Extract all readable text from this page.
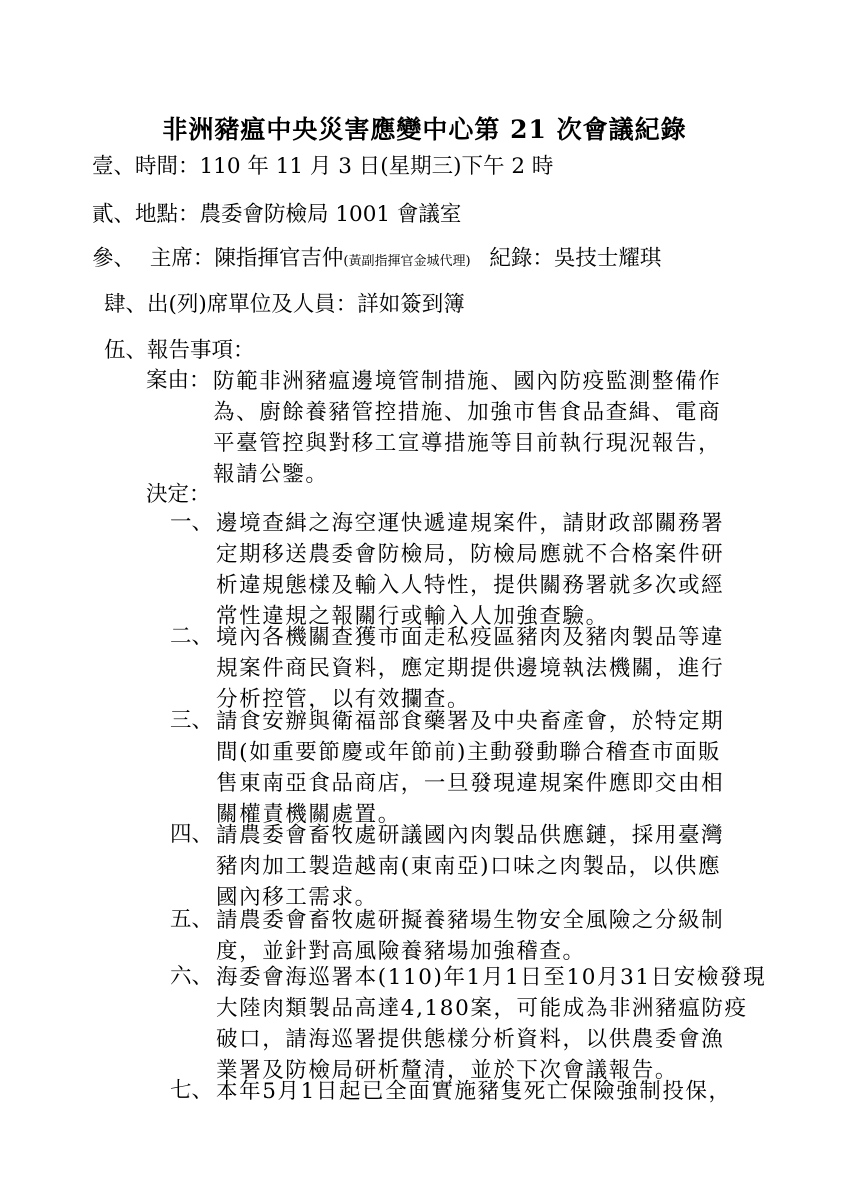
非洲豬瘟中央災害應變中心第 21 次會議紀錄
壹、時間：110 年 11 月 3 日(星期三)下午 2 時
貳、地點：農委會防檢局 1001 會議室
參、 主席：陳指揮官吉仲(黃副指揮官金城代理) 紀錄：吳技士耀琪
肆、出(列)席單位及人員：詳如簽到簿
伍、報告事項：
案由： 防範非洲豬瘟邊境管制措施、國內防疫監測整備作
為、廚餘養豬管控措施、加強市售食品查緝、電商
平臺管控與對移工宣導措施等目前執行現況報告，
報請公鑒。
決定：
一、 邊境查緝之海空運快遞違規案件，請財政部關務署
定期移送農委會防檢局，防檢局應就不合格案件研
析違規態樣及輸入人特性，提供關務署就多次或經
常性違規之報關行或輸入人加強查驗。
二、 境內各機關查獲市面走私疫區豬肉及豬肉製品等違
規案件商民資料，應定期提供邊境執法機關，進行
分析控管，以有效攔查。
三、 請食安辦與衛福部食藥署及中央畜產會，於特定期
間(如重要節慶或年節前)主動發動聯合稽查市面販
售東南亞食品商店，一旦發現違規案件應即交由相
關權責機關處置。
四、 請農委會畜牧處研議國內肉製品供應鏈，採用臺灣
豬肉加工製造越南(東南亞)口味之肉製品，以供應
國內移工需求。
五、 請農委會畜牧處研擬養豬場生物安全風險之分級制
度，並針對高風險養豬場加強稽查。
六、 海委會海巡署本(110)年1月1日至10月31日安檢發現
大陸肉類製品高達4,180案，可能成為非洲豬瘟防疫
破口，請海巡署提供態樣分析資料，以供農委會漁
業署及防檢局研析釐清，並於下次會議報告。
七、 本年5月1日起已全面實施豬隻死亡保險強制投保，
